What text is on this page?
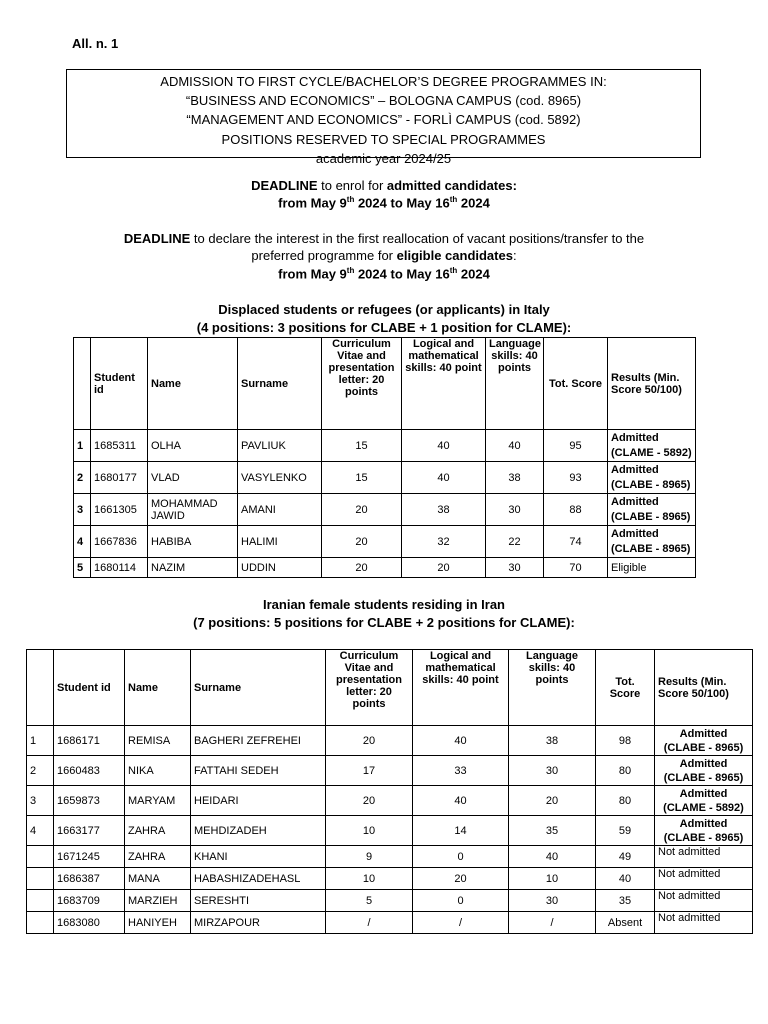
All. n. 1
ADMISSION TO FIRST CYCLE/BACHELOR’S DEGREE PROGRAMMES IN:
“BUSINESS AND ECONOMICS” – BOLOGNA CAMPUS (cod. 8965)
“MANAGEMENT AND ECONOMICS” - FORLÌ CAMPUS (cod. 5892)
POSITIONS RESERVED TO SPECIAL PROGRAMMES
academic year 2024/25
DEADLINE to enrol for admitted candidates:
from May 9th 2024 to May 16th 2024
DEADLINE to declare the interest in the first reallocation of vacant positions/transfer to the
preferred programme for eligible candidates:
from May 9th 2024 to May 16th 2024
Displaced students or refugees (or applicants) in Italy
(4 positions: 3 positions for CLABE + 1 position for CLAME):
	Student id	Name	Surname	Curriculum Vitae and presentation letter: 20 points	Logical and mathematical skills: 40 point	Language skills: 40 points	Tot. Score	Results (Min. Score 50/100)
1	1685311	OLHA	PAVLIUK	15	40	40	95	Admitted
(CLAME - 5892)

2	1680177	VLAD	VASYLENKO	15	40	38	93	Admitted
(CLABE - 8965)

3	1661305	MOHAMMAD JAWID	AMANI	20	38	30	88	Admitted
(CLABE - 8965)

4	1667836	HABIBA	HALIMI	20	32	22	74	Admitted
(CLABE - 8965)

5	1680114	NAZIM	UDDIN	20	20	30	70	Eligible
Iranian female students residing in Iran
(7 positions: 5 positions for CLABE + 2 positions for CLAME):
	Student id	Name	Surname	Curriculum Vitae and presentation letter: 20 points	Logical and mathematical skills: 40 point	Language skills: 40 points	Tot. Score	Results (Min. Score 50/100)
1	1686171	REMISA	BAGHERI ZEFREHEI	20	40	38	98	Admitted
(CLABE - 8965)

2	1660483	NIKA	FATTAHI SEDEH	17	33	30	80	Admitted
(CLABE - 8965)

3	1659873	MARYAM	HEIDARI	20	40	20	80	Admitted
(CLAME - 5892)

4	1663177	ZAHRA	MEHDIZADEH	10	14	35	59	Admitted
(CLABE - 8965)

	1671245	ZAHRA	KHANI	9	0	40	49	Not admitted
	1686387	MANA	HABASHIZADEHASL	10	20	10	40	Not admitted
	1683709	MARZIEH	SERESHTI	5	0	30	35	Not admitted
	1683080	HANIYEH	MIRZAPOUR	/	/	/	Absent	Not admitted
